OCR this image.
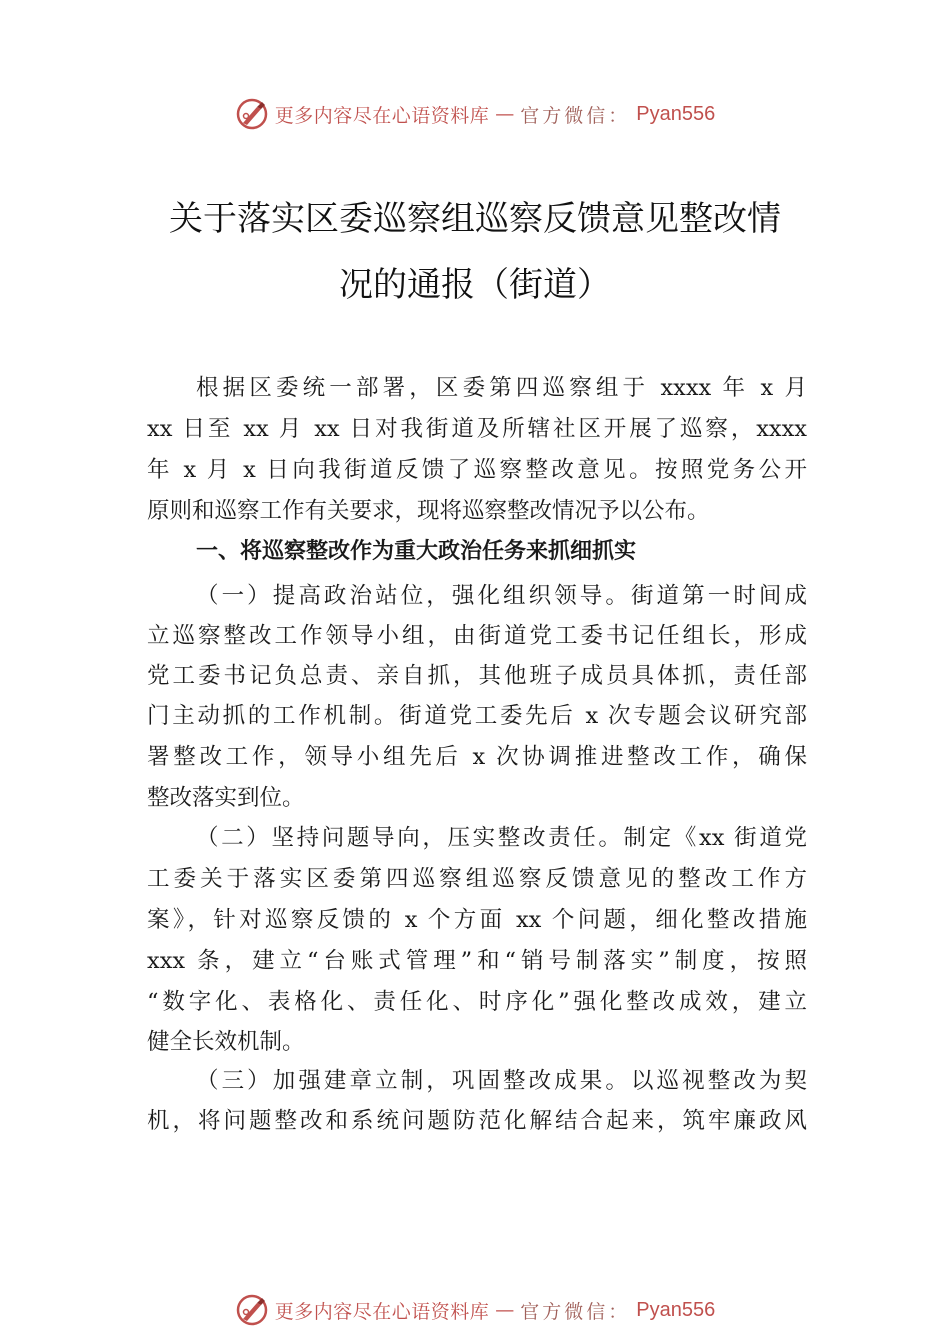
更多内容尽在心语资料库 — 官方微信： Pyan556
关于落实区委巡察组巡察反馈意见整改情
况的通报（街道）

根据区委统一部署，区委第四巡察组于 xxxx 年 x 月

xx 日至 xx 月 xx 日对我街道及所辖社区开展了巡察，xxxx

年 x 月 x 日向我街道反馈了巡察整改意见。按照党务公开

原则和巡察工作有关要求，现将巡察整改情况予以公布。

一、将巡察整改作为重大政治任务来抓细抓实

（一）提高政治站位，强化组织领导。街道第一时间成

立巡察整改工作领导小组，由街道党工委书记任组长，形成

党工委书记负总责、亲自抓，其他班子成员具体抓，责任部

门主动抓的工作机制。街道党工委先后 x 次专题会议研究部

署整改工作，领导小组先后 x 次协调推进整改工作，确保

整改落实到位。

（二）坚持问题导向，压实整改责任。制定《xx 街道党

工委关于落实区委第四巡察组巡察反馈意见的整改工作方

案》，针对巡察反馈的 x 个方面 xx 个问题，细化整改措施

xxx 条，建立“台账式管理”和“销号制落实”制度，按照

“数字化、表格化、责任化、时序化”强化整改成效，建立

健全长效机制。

（三）加强建章立制，巩固整改成果。以巡视整改为契

机，将问题整改和系统问题防范化解结合起来，筑牢廉政风

更多内容尽在心语资料库 — 官方微信： Pyan556
